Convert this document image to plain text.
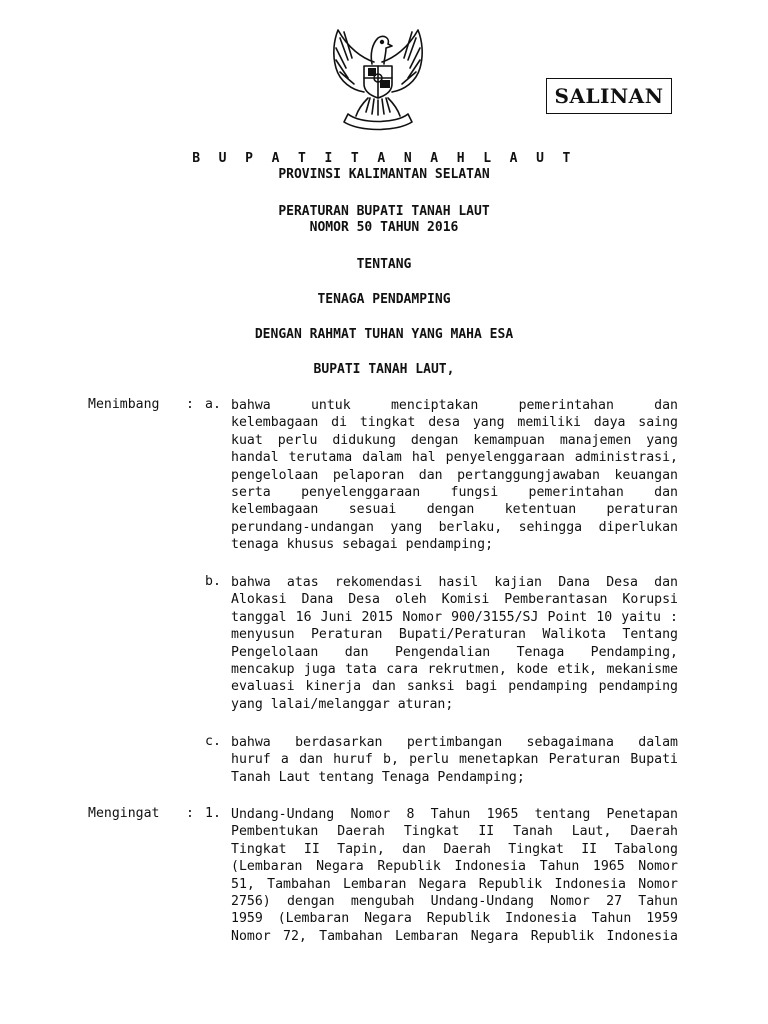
SALINAN
B U P A T I T A N A H L A U T
PROVINSI KALIMANTAN SELATAN
PERATURAN BUPATI TANAH LAUT
NOMOR 50 TAHUN 2016
TENTANG
TENAGA PENDAMPING
DENGAN RAHMAT TUHAN YANG MAHA ESA
BUPATI TANAH LAUT,
Menimbang : a. bahwa untuk menciptakan pemerintahan dan
kelembagaan di tingkat desa yang memiliki daya saing
kuat perlu didukung dengan kemampuan manajemen yang
handal terutama dalam hal penyelenggaraan administrasi,
pengelolaan pelaporan dan pertanggungjawaban keuangan
serta penyelenggaraan fungsi pemerintahan dan
kelembagaan sesuai dengan ketentuan peraturan
perundang-undangan yang berlaku, sehingga diperlukan
tenaga khusus sebagai pendamping;
b. bahwa atas rekomendasi hasil kajian Dana Desa dan
Alokasi Dana Desa oleh Komisi Pemberantasan Korupsi
tanggal 16 Juni 2015 Nomor 900/3155/SJ Point 10 yaitu :
menyusun Peraturan Bupati/Peraturan Walikota Tentang
Pengelolaan dan Pengendalian Tenaga Pendamping,
mencakup juga tata cara rekrutmen, kode etik, mekanisme
evaluasi kinerja dan sanksi bagi pendamping pendamping
yang lalai/melanggar aturan;
c. bahwa berdasarkan pertimbangan sebagaimana dalam
huruf a dan huruf b, perlu menetapkan Peraturan Bupati
Tanah Laut tentang Tenaga Pendamping;
Mengingat : 1. Undang-Undang Nomor 8 Tahun 1965 tentang Penetapan
Pembentukan Daerah Tingkat II Tanah Laut, Daerah
Tingkat II Tapin, dan Daerah Tingkat II Tabalong
(Lembaran Negara Republik Indonesia Tahun 1965 Nomor
51, Tambahan Lembaran Negara Republik Indonesia Nomor
2756) dengan mengubah Undang-Undang Nomor 27 Tahun
1959 (Lembaran Negara Republik Indonesia Tahun 1959
Nomor 72, Tambahan Lembaran Negara Republik Indonesia
